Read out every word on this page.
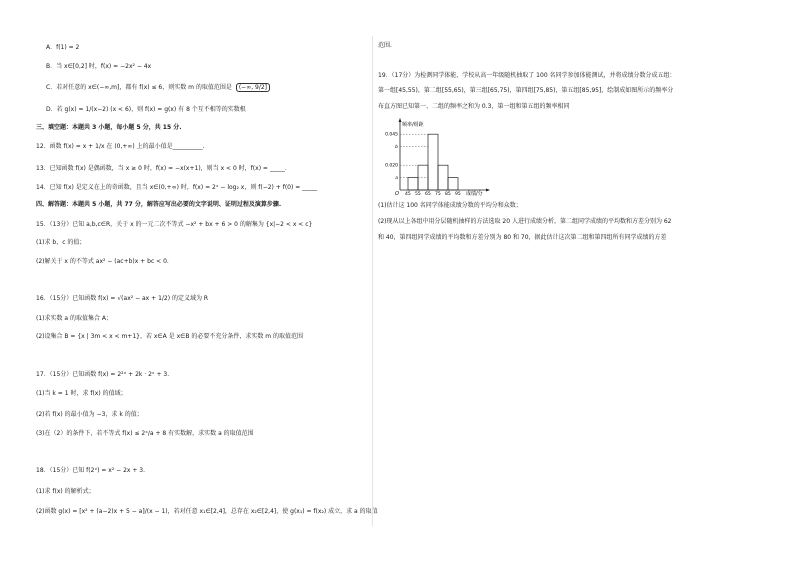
A．f(1) = 2
B．当 x∈[0,2] 时，f(x) = −2x² − 4x
C．若对任意的 x∈(−∞,m]，都有 f(x) ≤ 6，则实数 m 的取值范围是 (−∞, 9/2]
D．若 g(x) = 1/(x−2) (x < 6)，则 f(x) = g(x) 有 8 个互不相等的实数根
三、填空题：本题共 3 小题，每小题 5 分，共 15 分.
12．函数 f(x) = x + 1/x 在 (0,+∞) 上的最小值是__________.
13．已知函数 f(x) 是偶函数，当 x ≥ 0 时，f(x) = −x(x+1)，则当 x < 0 时，f(x) = _____.
14．已知 f(x) 是定义在上的奇函数，且当 x∈(0,+∞) 时，f(x) = 2ˣ − log₂ x，则 f(−2) + f(0) = _____
四、解答题：本题共 5 小题，共 77 分，解答应写出必要的文字说明、证明过程及演算步骤.
15．（13分）已知 a,b,c∈R，关于 x 的一元二次不等式 −x² + bx + 6 > 0 的解集为 {x|−2 < x < c}
(1)求 b，c 的值；
(2)解关于 x 的不等式 ax² − (ac+b)x + bc < 0.
16．（15分）已知函数 f(x) = √(ax² − ax + 1/2) 的定义域为 R
(1)求实数 a 的取值集合 A；
(2)设集合 B = {x | 3m < x < m+1}，若 x∈A 是 x∈B 的必要不充分条件，求实数 m 的取值范围
17．（15分）已知函数 f(x) = 2²ˣ + 2k · 2ˣ + 3.
(1)当 k = 1 时，求 f(x) 的值域；
(2)若 f(x) 的最小值为 −3，求 k 的值；
(3)在（2）的条件下，若不等式 f(x) ≤ 2ˣ/a + 8 有实数解，求实数 a 的取值范围
18．（15分）已知 f(2ˣ) = x² − 2x + 3.
(1)求 f(x) 的解析式；
(2)函数 g(x) = [x² + (a−2)x + 5 − a]/(x − 1)，若对任意 x₁∈[2,4]，总存在 x₂∈[2,4]，使 g(x₁) = f(x₂) 成立，求 a 的取值
范围.
19．（17分）为检测同学体能，学校从高一年级随机抽取了 100 名同学参加体能测试，并将成绩分数分成五组：
第一组[45,55)，第二组[55,65)，第三组[65,75)，第四组[75,85)，第五组[85,95]，绘制成如图所示的频率分
布直方图已知第一、二组的频率之和为 0.3，第一组和第五组的频率相同
频率/组距
成绩/分
O 45 55 65 75 85 95
0.045
b
0.020
a
(1)估计这 100 名同学体能成绩分数的平均分和众数；
(2)现从以上各组中用分层随机抽样的方法选取 20 人进行成绩分析，第二组同学成绩的平均数和方差分别为 62
和 40，第四组同学成绩的平均数和方差分别为 80 和 70，据此估计这次第二组和第四组所有同学成绩的方差
